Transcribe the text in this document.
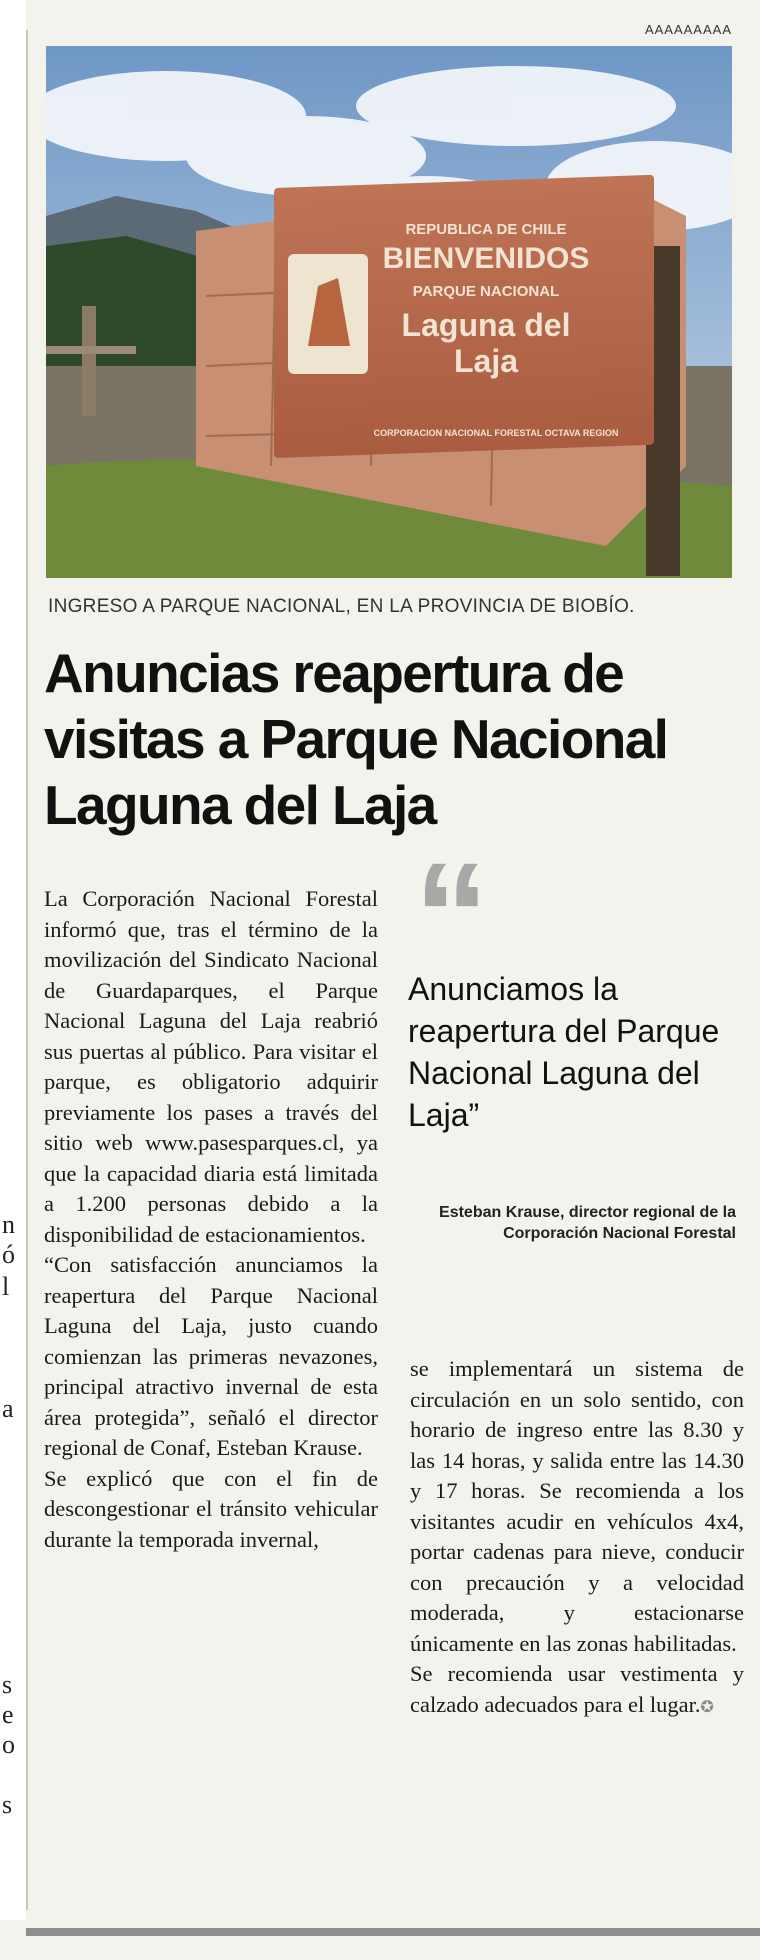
n
ó
l
a
s
e
o
s
AAAAAAAAA
REPUBLICA DE CHILE
BIENVENIDOS
PARQUE NACIONAL
Laguna del
Laja
CORPORACION NACIONAL FORESTAL OCTAVA REGION
INGRESO A PARQUE NACIONAL, EN LA PROVINCIA DE BIOBÍO.
Anuncias reapertura de visitas a Parque Nacional Laguna del Laja

La Corporación Nacional Forestal informó que, tras el término de la movilización del Sindicato Nacional de Guardaparques, el Parque Nacional Laguna del Laja reabrió sus puertas al público. Para visitar el parque, es obligatorio adquirir previamente los pases a través del sitio web www.pasesparques.cl, ya que la capacidad diaria está limitada a 1.200 personas debido a la disponibilidad de estacionamientos.

“Con satisfacción anunciamos la reapertura del Parque Nacional Laguna del Laja, justo cuando comienzan las primeras nevazones, principal atractivo invernal de esta área protegida”, señaló el director regional de Conaf, Esteban Krause.

Se explicó que con el fin de descongestionar el tránsito vehicular durante la temporada invernal,

“
Anunciamos la reapertura del Parque Nacional Laguna del Laja”
Esteban Krause, director regional de la Corporación Nacional Forestal

se implementará un sistema de circulación en un solo sentido, con horario de ingreso entre las 8.30 y las 14 horas, y salida entre las 14.30 y 17 horas. Se recomienda a los visitantes acudir en vehículos 4x4, portar cadenas para nieve, conducir con precaución y a velocidad moderada, y estacionarse únicamente en las zonas habilitadas.

Se recomienda usar vestimenta y calzado adecuados para el lugar.✪
